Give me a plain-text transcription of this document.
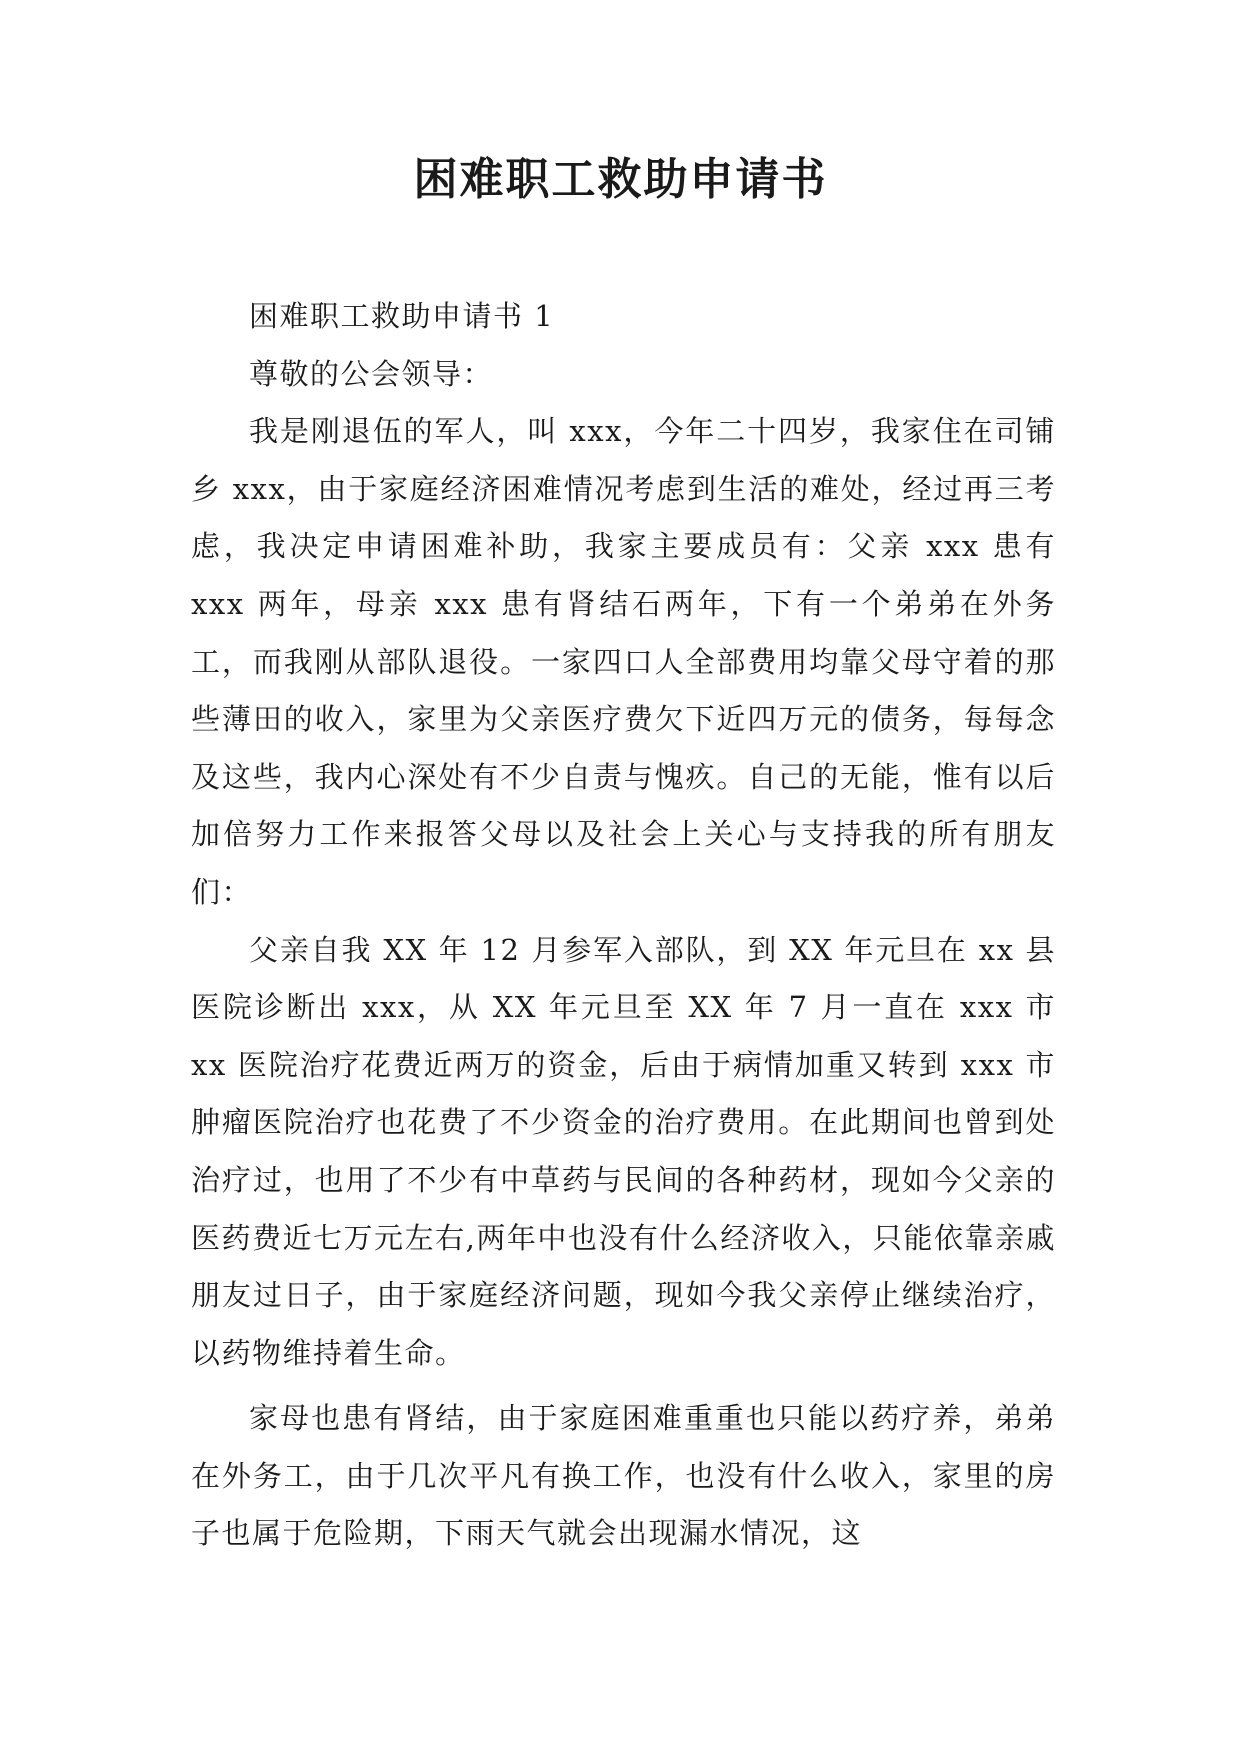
困难职工救助申请书

困难职工救助申请书 1

尊敬的公会领导：

我是刚退伍的军人，叫 xxx，今年二十四岁，我家住在司铺乡 xxx，由于家庭经济困难情况考虑到生活的难处，经过再三考虑，我决定申请困难补助，我家主要成员有：父亲 xxx 患有 xxx 两年，母亲 xxx 患有肾结石两年，下有一个弟弟在外务工，而我刚从部队退役。一家四口人全部费用均靠父母守着的那些薄田的收入，家里为父亲医疗费欠下近四万元的债务，每每念及这些，我内心深处有不少自责与愧疚。自己的无能，惟有以后加倍努力工作来报答父母以及社会上关心与支持我的所有朋友们：

父亲自我 XX 年 12 月参军入部队，到 XX 年元旦在 xx 县医院诊断出 xxx，从 XX 年元旦至 XX 年 7 月一直在 xxx 市 xx 医院治疗花费近两万的资金，后由于病情加重又转到 xxx 市肿瘤医院治疗也花费了不少资金的治疗费用。在此期间也曾到处治疗过，也用了不少有中草药与民间的各种药材，现如今父亲的医药费近七万元左右,两年中也没有什么经济收入，只能依靠亲戚朋友过日子，由于家庭经济问题，现如今我父亲停止继续治疗，以药物维持着生命。

家母也患有肾结，由于家庭困难重重也只能以药疗养，弟弟在外务工，由于几次平凡有换工作，也没有什么收入，家里的房子也属于危险期，下雨天气就会出现漏水情况，这
